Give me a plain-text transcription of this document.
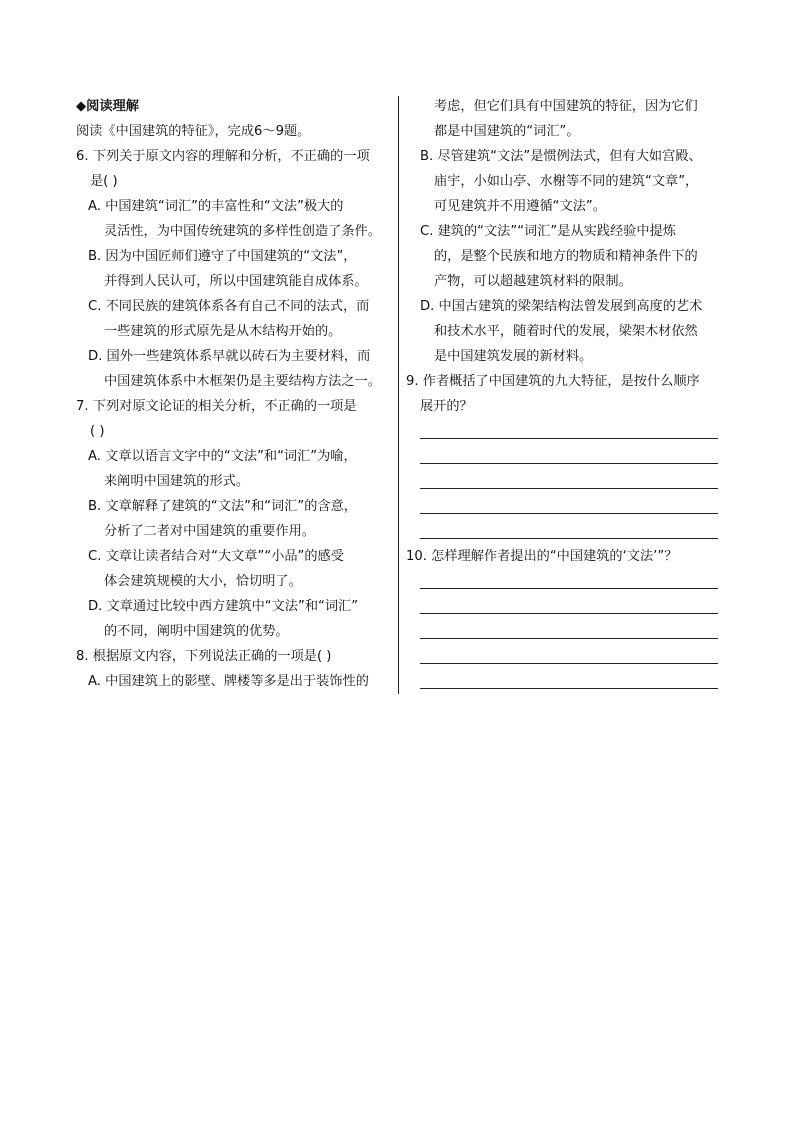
◆阅读理解
阅读《中国建筑的特征》，完成6～9题。
6. 下列关于原文内容的理解和分析，不正确的一项
是( )
A. 中国建筑“词汇”的丰富性和“文法”极大的
灵活性，为中国传统建筑的多样性创造了条件。
B. 因为中国匠师们遵守了中国建筑的“文法”，
并得到人民认可，所以中国建筑能自成体系。
C. 不同民族的建筑体系各有自己不同的法式，而
一些建筑的形式原先是从木结构开始的。
D. 国外一些建筑体系早就以砖石为主要材料，而
中国建筑体系中木框架仍是主要结构方法之一。
7. 下列对原文论证的相关分析，不正确的一项是
( )
A. 文章以语言文字中的“文法”和“词汇”为喻，
来阐明中国建筑的形式。
B. 文章解释了建筑的“文法”和“词汇”的含意，
分析了二者对中国建筑的重要作用。
C. 文章让读者结合对“大文章”“小品”的感受
体会建筑规模的大小，恰切明了。
D. 文章通过比较中西方建筑中“文法”和“词汇”
的不同，阐明中国建筑的优势。
8. 根据原文内容，下列说法正确的一项是( )
A. 中国建筑上的影壁、牌楼等多是出于装饰性的
考虑，但它们具有中国建筑的特征，因为它们
都是中国建筑的“词汇”。
B. 尽管建筑“文法”是惯例法式，但有大如宫殿、
庙宇，小如山亭、水榭等不同的建筑“文章”，
可见建筑并不用遵循“文法”。
C. 建筑的“文法”“词汇”是从实践经验中提炼
的，是整个民族和地方的物质和精神条件下的
产物，可以超越建筑材料的限制。
D. 中国古建筑的梁架结构法曾发展到高度的艺术
和技术水平，随着时代的发展，梁架木材依然
是中国建筑发展的新材料。
9. 作者概括了中国建筑的九大特征，是按什么顺序
展开的？
10. 怎样理解作者提出的“中国建筑的‘文法’”？
